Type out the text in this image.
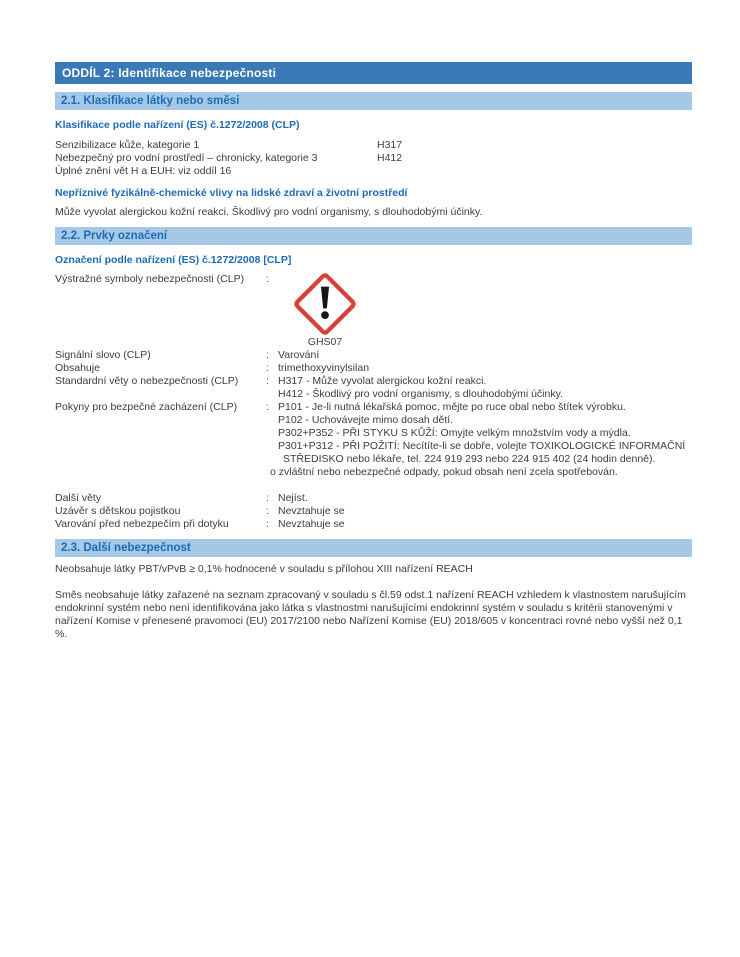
ODDÍL 2: Identifikace nebezpečnosti
2.1. Klasifikace látky nebo směsi
Klasifikace podle nařízení (ES) č.1272/2008 (CLP)
Senzibilizace kůže, kategorie 1	H317
Nebezpečný pro vodní prostředí – chronicky, kategorie 3	H412
Úplné znění vět H a EUH: viz oddíl 16
Nepříznivé fyzikálně-chemické vlivy na lidské zdraví a životní prostředí
Může vyvolat alergickou kožní reakci. Škodlivý pro vodní organismy, s dlouhodobými účinky.
2.2. Prvky označení
Označení podle nařízení (ES) č.1272/2008 [CLP]
Výstražné symboly nebezpečnosti (CLP)	:
GHS07
Signální slovo (CLP)	: Varování
Obsahuje	: trimethoxyvinylsilan
Standardní věty o nebezpečnosti (CLP)	: H317 - Může vyvolat alergickou kožní reakci.
H412 - Škodlivý pro vodní organismy, s dlouhodobými účinky.
Pokyny pro bezpečné zacházení (CLP)	: P101 - Je-li nutná lékařská pomoc, mějte po ruce obal nebo štítek výrobku.
P102 - Uchovávejte mimo dosah dětí.
P302+P352 - PŘI STYKU S KŮŽÍ: Omyjte velkým množstvím vody a mýdla.
P301+P312 - PŘI POŽITÍ: Necítíte-li se dobře, volejte TOXIKOLOGICKÉ INFORMAČNÍ
STŘEDISKO nebo lékaře, tel. 224 919 293 nebo 224 915 402 (24 hodin denně).
o zvláštní nebo nebezpečné odpady, pokud obsah není zcela spotřebován.
Další věty	: Nejíst.
Uzávěr s dětskou pojistkou	: Nevztahuje se
Varování před nebezpečím při dotyku	: Nevztahuje se
2.3. Další nebezpečnost
Neobsahuje látky PBT/vPvB ≥ 0,1% hodnocené v souladu s přílohou XIII nařízení REACH
Směs neobsahuje látky zařazené na seznam zpracovaný v souladu s čl.59 odst.1 nařízení REACH vzhledem k vlastnostem narušujícím endokrinní systém nebo není identifikována jako látka s vlastnostmi narušujícími endokrinní systém v souladu s kritérii stanovenými v nařízení Komise v přenesené pravomoci (EU) 2017/2100 nebo Nařízení Komise (EU) 2018/605 v koncentraci rovné nebo vyšší než 0,1 %.
